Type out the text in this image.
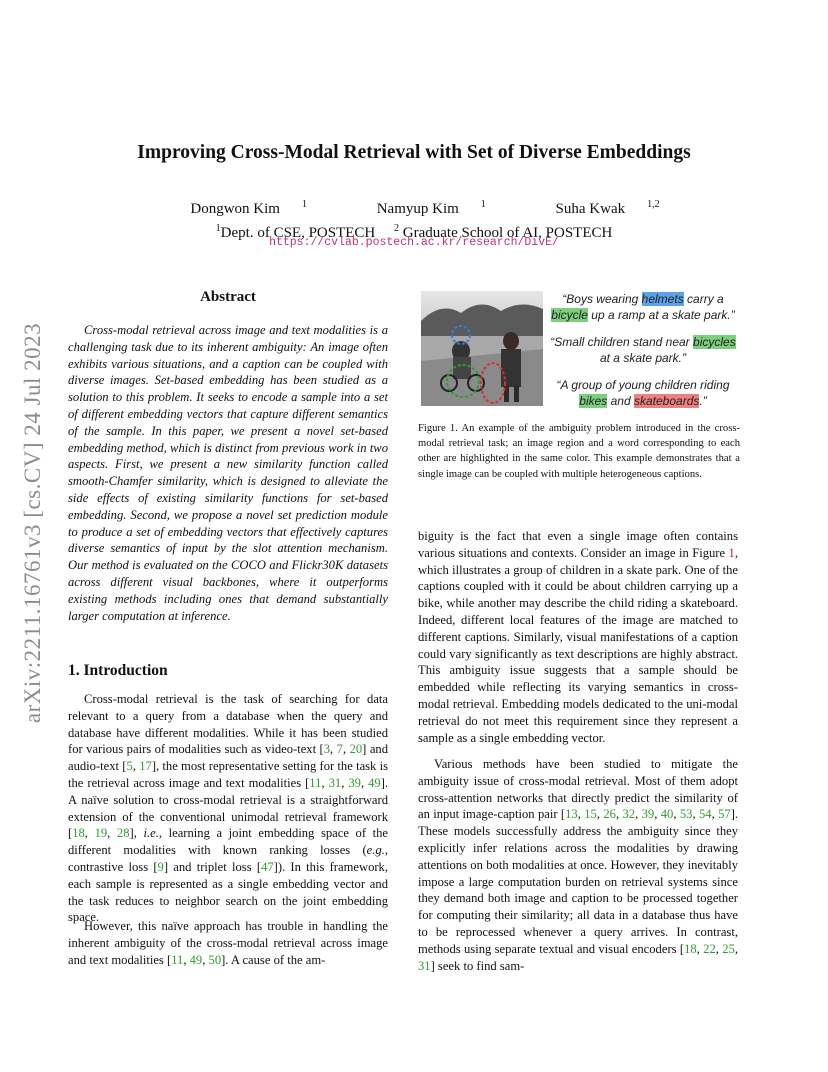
arXiv:2211.16761v3 [cs.CV] 24 Jul 2023
Improving Cross-Modal Retrieval with Set of Diverse Embeddings
Dongwon Kim $^1$	Namyup Kim $^1$	Suha Kwak $^{1,2}$
$^1$Dept. of CSE, POSTECH $^2$ Graduate School of AI, POSTECH
https://cvlab.postech.ac.kr/research/DivE/
Abstract
Cross-modal retrieval across image and text modalities is a challenging task due to its inherent ambiguity: An image often exhibits various situations, and a caption can be coupled with diverse images. Set-based embedding has been studied as a solution to this problem. It seeks to encode a sample into a set of different embedding vectors that capture different semantics of the sample. In this paper, we present a novel set-based embedding method, which is distinct from previous work in two aspects. First, we present a new similarity function called smooth-Chamfer similarity, which is designed to alleviate the side effects of existing similarity functions for set-based embedding. Second, we propose a novel set prediction module to produce a set of embedding vectors that effectively captures diverse semantics of input by the slot attention mechanism. Our method is evaluated on the COCO and Flickr30K datasets across different visual backbones, where it outperforms existing methods including ones that demand substantially larger computation at inference.
1. Introduction
Cross-modal retrieval is the task of searching for data relevant to a query from a database when the query and database have different modalities. While it has been studied for various pairs of modalities such as video-text [3, 7, 20] and audio-text [5, 17], the most representative setting for the task is the retrieval across image and text modalities [11, 31, 39, 49]. A naïve solution to cross-modal retrieval is a straightforward extension of the conventional unimodal retrieval framework [18, 19, 28], i.e., learning a joint embedding space of the different modalities with known ranking losses (e.g., contrastive loss [9] and triplet loss [47]). In this framework, each sample is represented as a single embedding vector and the task reduces to neighbor search on the joint embedding space.
However, this naïve approach has trouble in handling the inherent ambiguity of the cross-modal retrieval across image and text modalities [11, 49, 50]. A cause of the am-

“Boys wearing helmets carry a bicycle up a ramp at a skate park.”

“Small children stand near bicycles at a skate park.”

“A group of young children riding bikes and skateboards.”

Figure 1. An example of the ambiguity problem introduced in the cross-modal retrieval task; an image region and a word corresponding to each other are highlighted in the same color. This example demonstrates that a single image can be coupled with multiple heterogeneous captions.
biguity is the fact that even a single image often contains various situations and contexts. Consider an image in Figure 1, which illustrates a group of children in a skate park. One of the captions coupled with it could be about children carrying up a bike, while another may describe the child riding a skateboard. Indeed, different local features of the image are matched to different captions. Similarly, visual manifestations of a caption could vary significantly as text descriptions are highly abstract. This ambiguity issue suggests that a sample should be embedded while reflecting its varying semantics in cross-modal retrieval. Embedding models dedicated to the uni-modal retrieval do not meet this requirement since they represent a sample as a single embedding vector.
Various methods have been studied to mitigate the ambiguity issue of cross-modal retrieval. Most of them adopt cross-attention networks that directly predict the similarity of an input image-caption pair [13, 15, 26, 32, 39, 40, 53, 54, 57]. These models successfully address the ambiguity since they explicitly infer relations across the modalities by drawing attentions on both modalities at once. However, they inevitably impose a large computation burden on retrieval systems since they demand both image and caption to be processed together for computing their similarity; all data in a database thus have to be reprocessed whenever a query arrives. In contrast, methods using separate textual and visual encoders [18, 22, 25, 31] seek to find sam-
